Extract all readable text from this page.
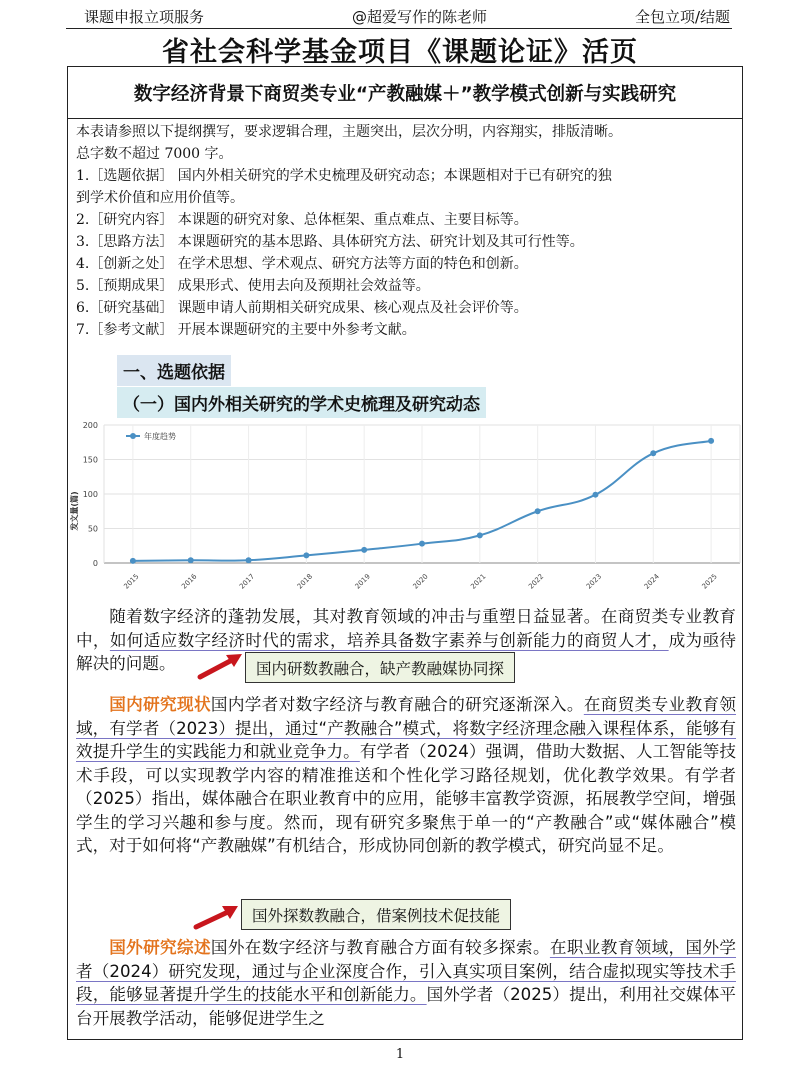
课题申报立项服务	@超爱写作的陈老师	全包立项/结题
省社会科学基金项目《课题论证》活页
数字经济背景下商贸类专业“产教融媒＋”教学模式创新与实践研究

本表请参照以下提纲撰写，要求逻辑合理，主题突出，层次分明，内容翔实，排版清晰。

总字数不超过 7000 字。

1.［选题依据］ 国内外相关研究的学术史梳理及研究动态；本课题相对于已有研究的独
到学术价值和应用价值等。
2.［研究内容］ 本课题的研究对象、总体框架、重点难点、主要目标等。
3.［思路方法］ 本课题研究的基本思路、具体研究方法、研究计划及其可行性等。
4.［创新之处］ 在学术思想、学术观点、研究方法等方面的特色和创新。
5.［预期成果］ 成果形式、使用去向及预期社会效益等。
6.［研究基础］ 课题申请人前期相关研究成果、核心观点及社会评价等。
7.［参考文献］ 开展本课题研究的主要中外参考文献。
一、选题依据
（一）国内外相关研究的学术史梳理及研究动态
0
50
100
150
200
2015	2016	2017	2018	2019	2020	2021	2022	2023	2024	2025
发文量(篇)
年度趋势

随着数字经济的蓬勃发展，其对教育领域的冲击与重塑日益显著。在商贸类专业教育中，如何适应数字经济时代的需求，培养具备数字素养与创新能力的商贸人才，成为亟待解决的问题。

国内研究现状国内学者对数字经济与教育融合的研究逐渐深入。在商贸类专业教育领域，有学者（2023）提出，通过“产教融合”模式，将数字经济理念融入课程体系，能够有效提升学生的实践能力和就业竞争力。有学者（2024）强调，借助大数据、人工智能等技术手段，可以实现教学内容的精准推送和个性化学习路径规划，优化教学效果。有学者（2025）指出，媒体融合在职业教育中的应用，能够丰富教学资源，拓展教学空间，增强学生的学习兴趣和参与度。然而，现有研究多聚焦于单一的“产教融合”或“媒体融合”模式，对于如何将“产教融媒”有机结合，形成协同创新的教学模式，研究尚显不足。

国外研究综述国外在数字经济与教育融合方面有较多探索。在职业教育领域，国外学者（2024）研究发现，通过与企业深度合作，引入真实项目案例，结合虚拟现实等技术手段，能够显著提升学生的技能水平和创新能力。国外学者（2025）提出，利用社交媒体平台开展教学活动，能够促进学生之

国内研数教融合，缺产教融媒协同探
国外探数教融合，借案例技术促技能
1
